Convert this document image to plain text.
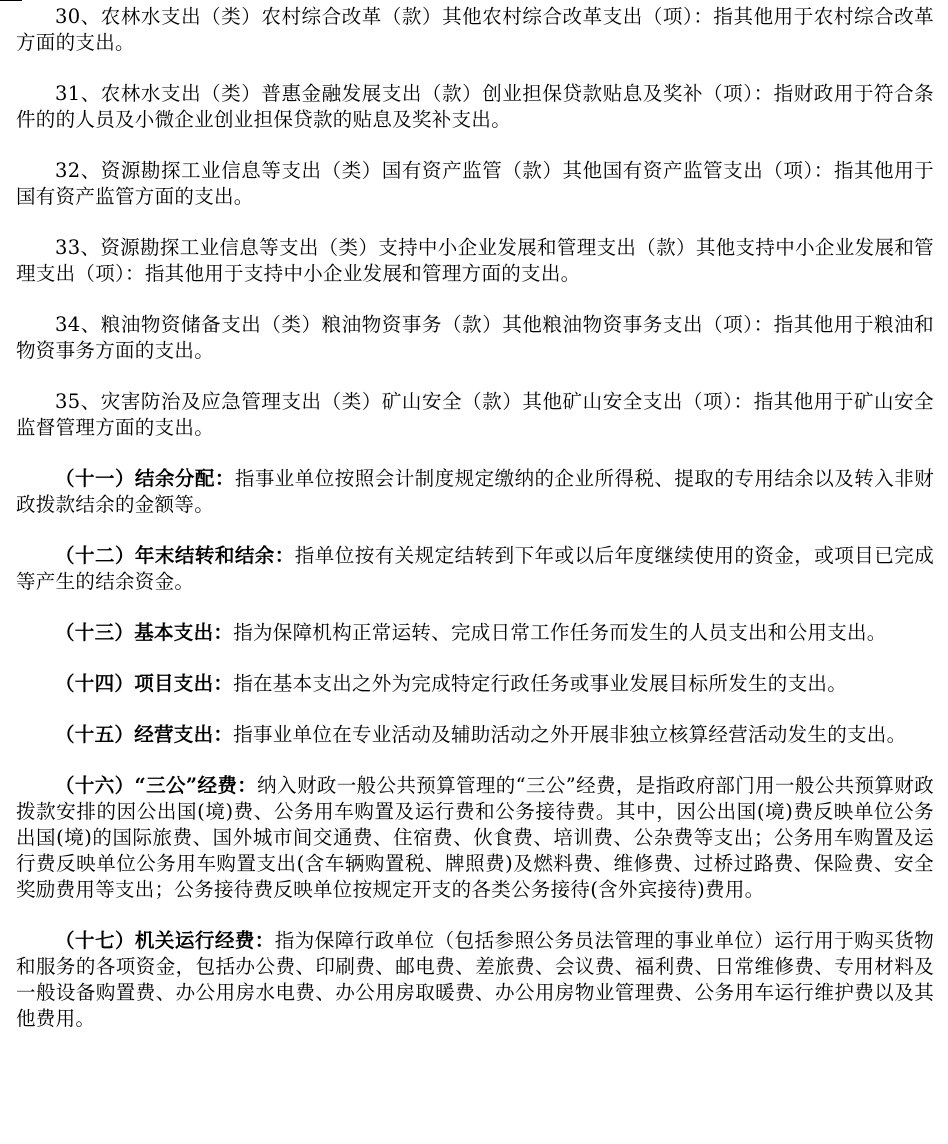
30、农林水支出（类）农村综合改革（款）其他农村综合改革支出（项）：指其他用于农村综合改革方面的支出。

31、农林水支出（类）普惠金融发展支出（款）创业担保贷款贴息及奖补（项）：指财政用于符合条件的的人员及小微企业创业担保贷款的贴息及奖补支出。

32、资源勘探工业信息等支出（类）国有资产监管（款）其他国有资产监管支出（项）：指其他用于国有资产监管方面的支出。

33、资源勘探工业信息等支出（类）支持中小企业发展和管理支出（款）其他支持中小企业发展和管理支出（项）：指其他用于支持中小企业发展和管理方面的支出。

34、粮油物资储备支出（类）粮油物资事务（款）其他粮油物资事务支出（项）：指其他用于粮油和物资事务方面的支出。

35、灾害防治及应急管理支出（类）矿山安全（款）其他矿山安全支出（项）：指其他用于矿山安全监督管理方面的支出。

（十一）结余分配：指事业单位按照会计制度规定缴纳的企业所得税、提取的专用结余以及转入非财政拨款结余的金额等。

（十二）年末结转和结余：指单位按有关规定结转到下年或以后年度继续使用的资金，或项目已完成等产生的结余资金。

（十三）基本支出：指为保障机构正常运转、完成日常工作任务而发生的人员支出和公用支出。

（十四）项目支出：指在基本支出之外为完成特定行政任务或事业发展目标所发生的支出。

（十五）经营支出：指事业单位在专业活动及辅助活动之外开展非独立核算经营活动发生的支出。

（十六）“三公”经费：纳入财政一般公共预算管理的“三公”经费，是指政府部门用一般公共预算财政拨款安排的因公出国(境)费、公务用车购置及运行费和公务接待费。其中，因公出国(境)费反映单位公务出国(境)的国际旅费、国外城市间交通费、住宿费、伙食费、培训费、公杂费等支出；公务用车购置及运行费反映单位公务用车购置支出(含车辆购置税、牌照费)及燃料费、维修费、过桥过路费、保险费、安全奖励费用等支出；公务接待费反映单位按规定开支的各类公务接待(含外宾接待)费用。

（十七）机关运行经费：指为保障行政单位（包括参照公务员法管理的事业单位）运行用于购买货物和服务的各项资金，包括办公费、印刷费、邮电费、差旅费、会议费、福利费、日常维修费、专用材料及一般设备购置费、办公用房水电费、办公用房取暖费、办公用房物业管理费、公务用车运行维护费以及其他费用。
